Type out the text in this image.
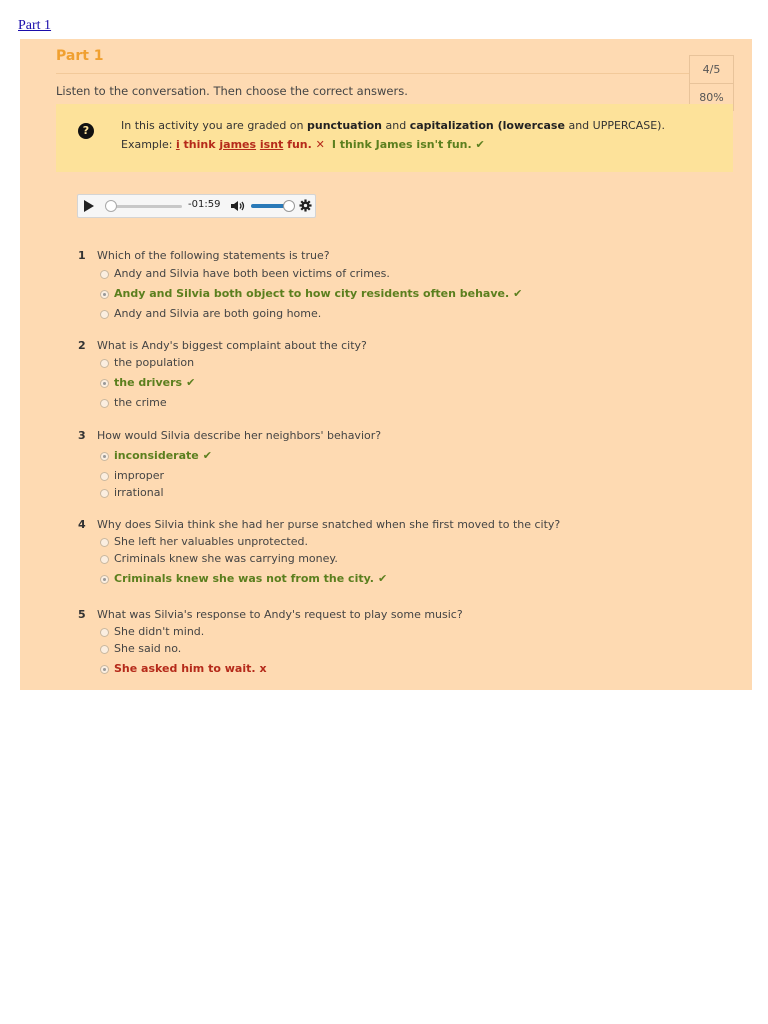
Part 1
Part 1
4/5
80%
Listen to the conversation. Then choose the correct answers.
?	In this activity you are graded on punctuation and capitalization (lowercase and UPPERCASE).
Example: i think james isnt fun. ✕ I think James isn't fun. ✔
-01:59
1	Which of the following statements is true?
Andy and Silvia have both been victims of crimes.
Andy and Silvia both object to how city residents often behave. ✔
Andy and Silvia are both going home.
2	What is Andy's biggest complaint about the city?
the population
the drivers ✔
the crime
3	How would Silvia describe her neighbors' behavior?
inconsiderate ✔
improper
irrational
4	Why does Silvia think she had her purse snatched when she first moved to the city?
She left her valuables unprotected.
Criminals knew she was carrying money.
Criminals knew she was not from the city. ✔
5	What was Silvia's response to Andy's request to play some music?
She didn't mind.
She said no.
She asked him to wait. x
